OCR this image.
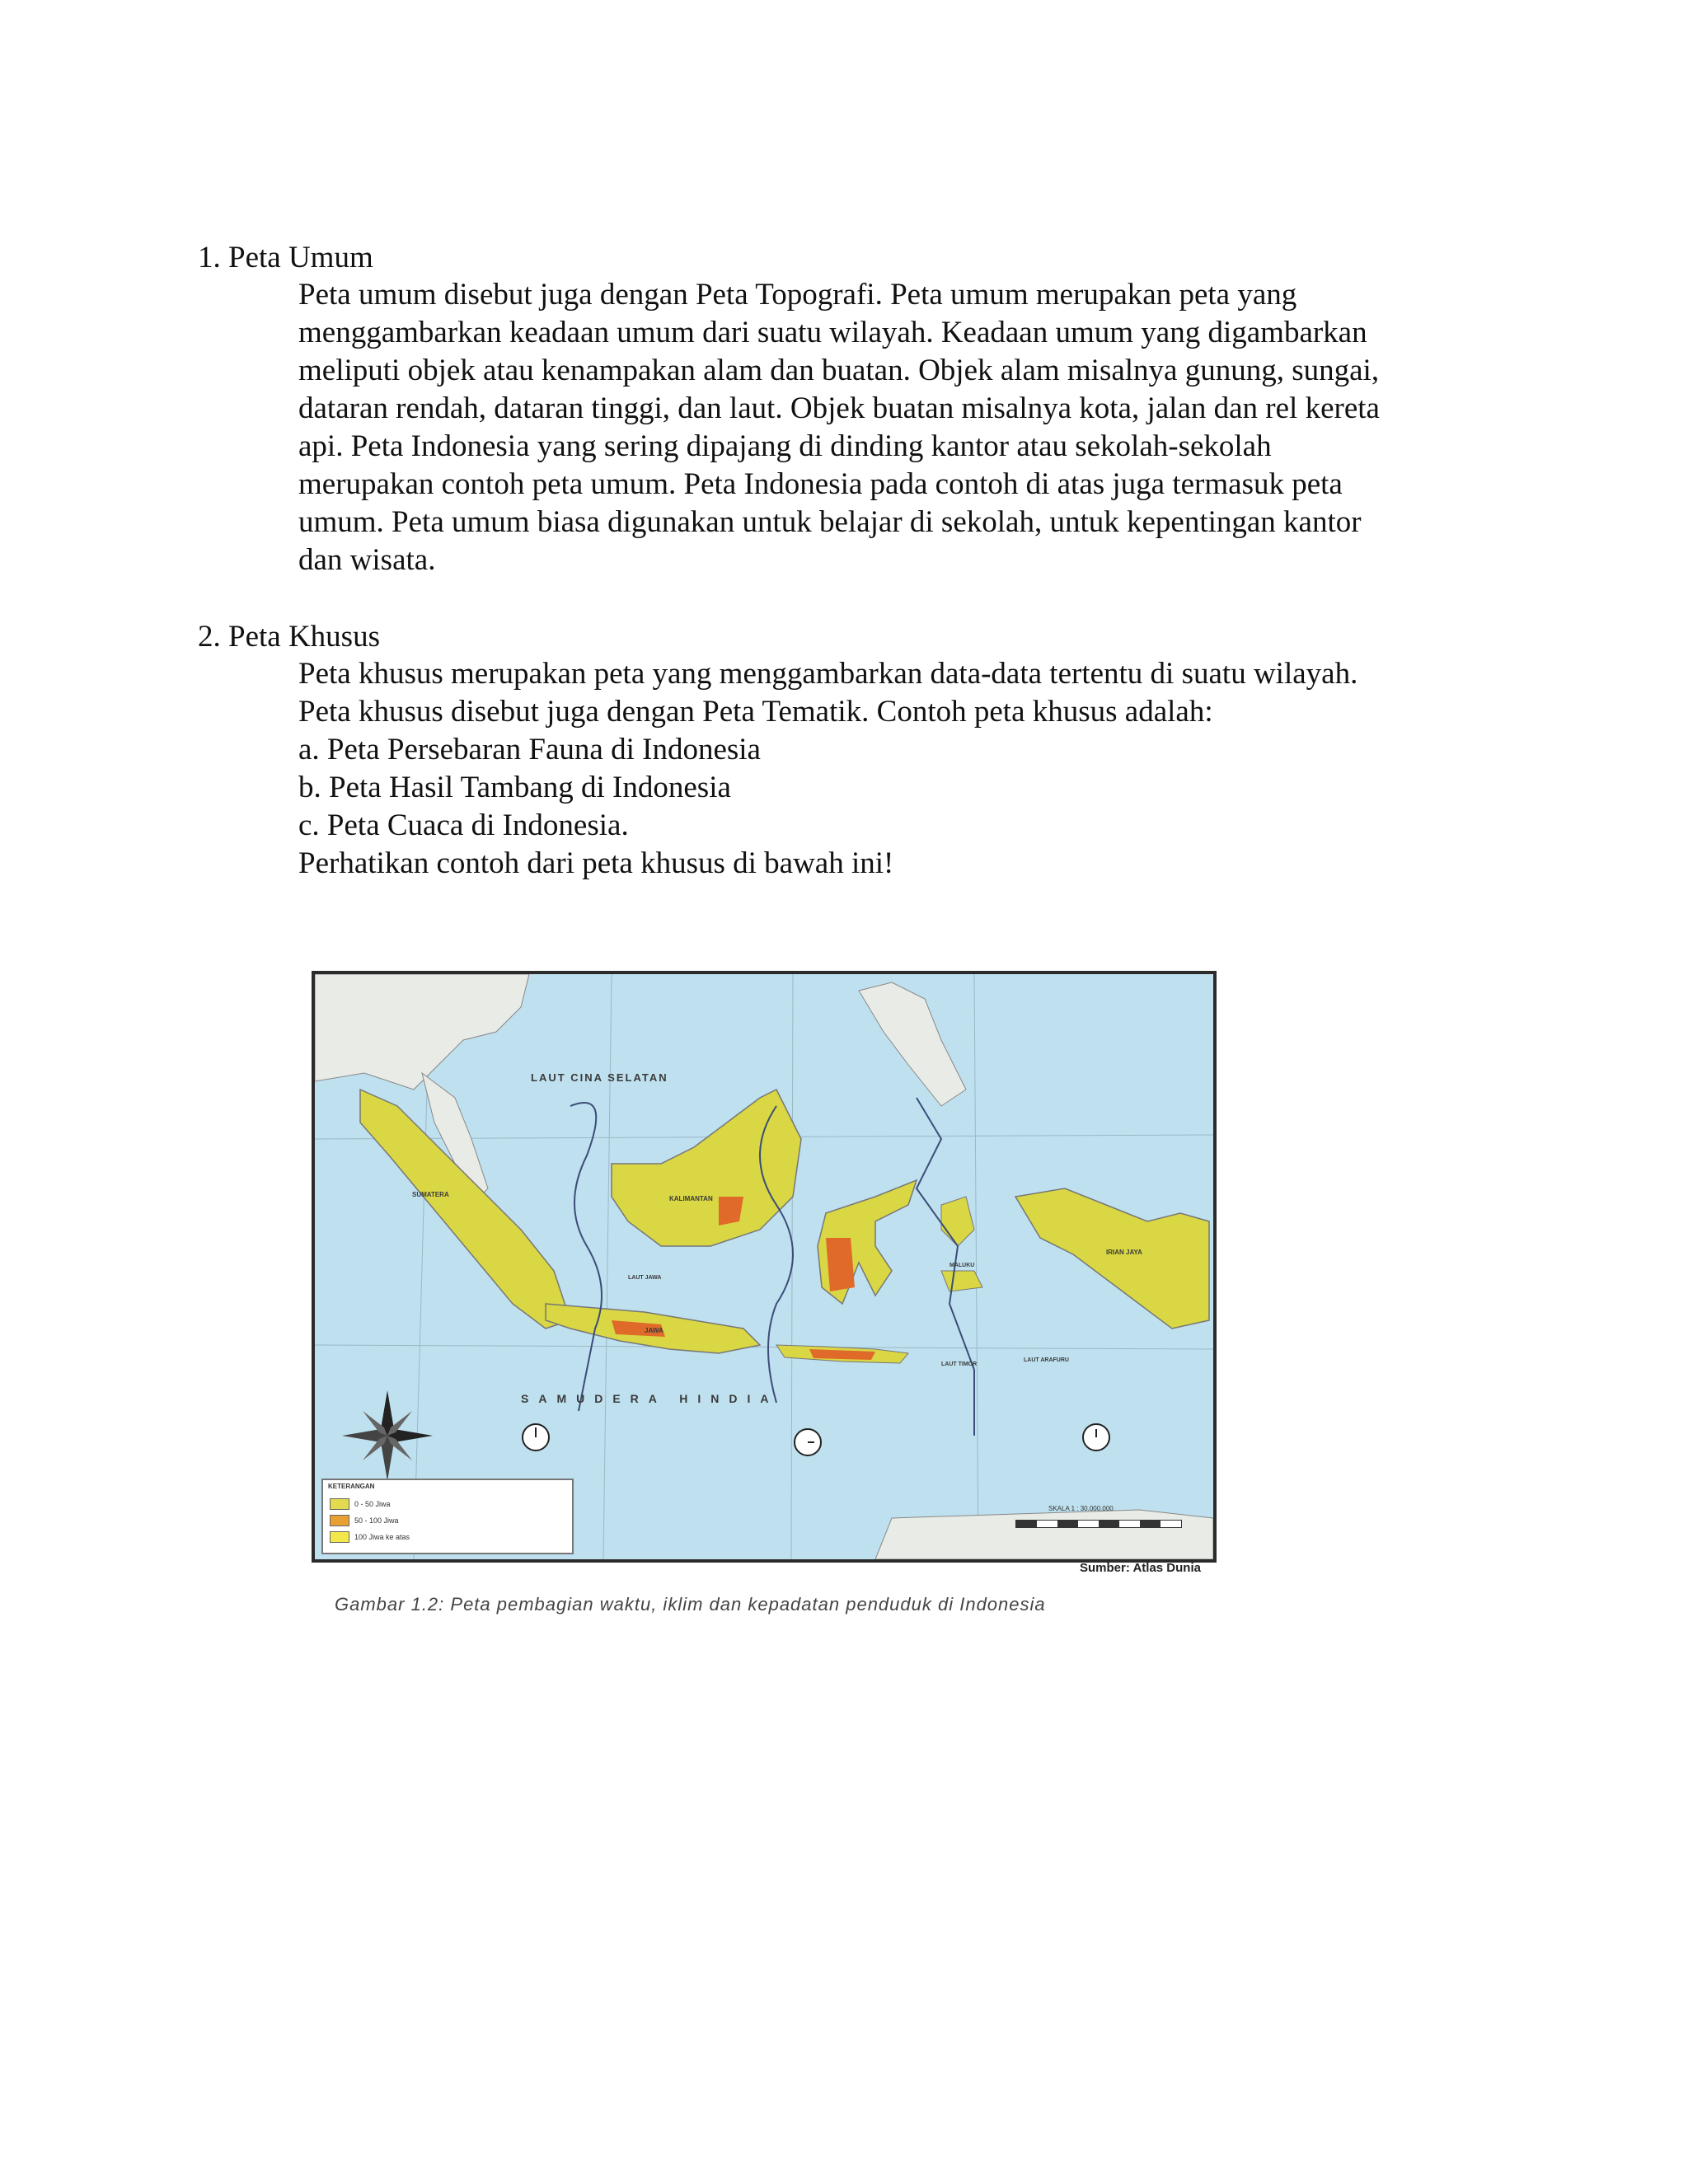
1. Peta Umum
Peta umum disebut juga dengan Peta Topografi. Peta umum merupakan peta yang
menggambarkan keadaan umum dari suatu wilayah. Keadaan umum yang digambarkan
meliputi objek atau kenampakan alam dan buatan. Objek alam misalnya gunung, sungai,
dataran rendah, dataran tinggi, dan laut. Objek buatan misalnya kota, jalan dan rel kereta
api. Peta Indonesia yang sering dipajang di dinding kantor atau sekolah-sekolah
merupakan contoh peta umum. Peta Indonesia pada contoh di atas juga termasuk peta
umum. Peta umum biasa digunakan untuk belajar di sekolah, untuk kepentingan kantor
dan wisata.
2. Peta Khusus
Peta khusus merupakan peta yang menggambarkan data-data tertentu di suatu wilayah.
Peta khusus disebut juga dengan Peta Tematik. Contoh peta khusus adalah:
a. Peta Persebaran Fauna di Indonesia
b. Peta Hasil Tambang di Indonesia
c. Peta Cuaca di Indonesia.
Perhatikan contoh dari peta khusus di bawah ini!
LAUT CINA SELATAN
SAMUDERA HINDIA
SUMATERA
KALIMANTAN
IRIAN JAYA
JAWA
LAUT JAWA
LAUT TIMOR
LAUT ARAFURU
MALUKU
KETERANGAN
0 - 50 Jiwa
50 - 100 Jiwa
100 Jiwa ke atas
SKALA 1 : 30.000.000
Sumber: Atlas Dunia
Gambar 1.2: Peta pembagian waktu, iklim dan kepadatan penduduk di Indonesia
